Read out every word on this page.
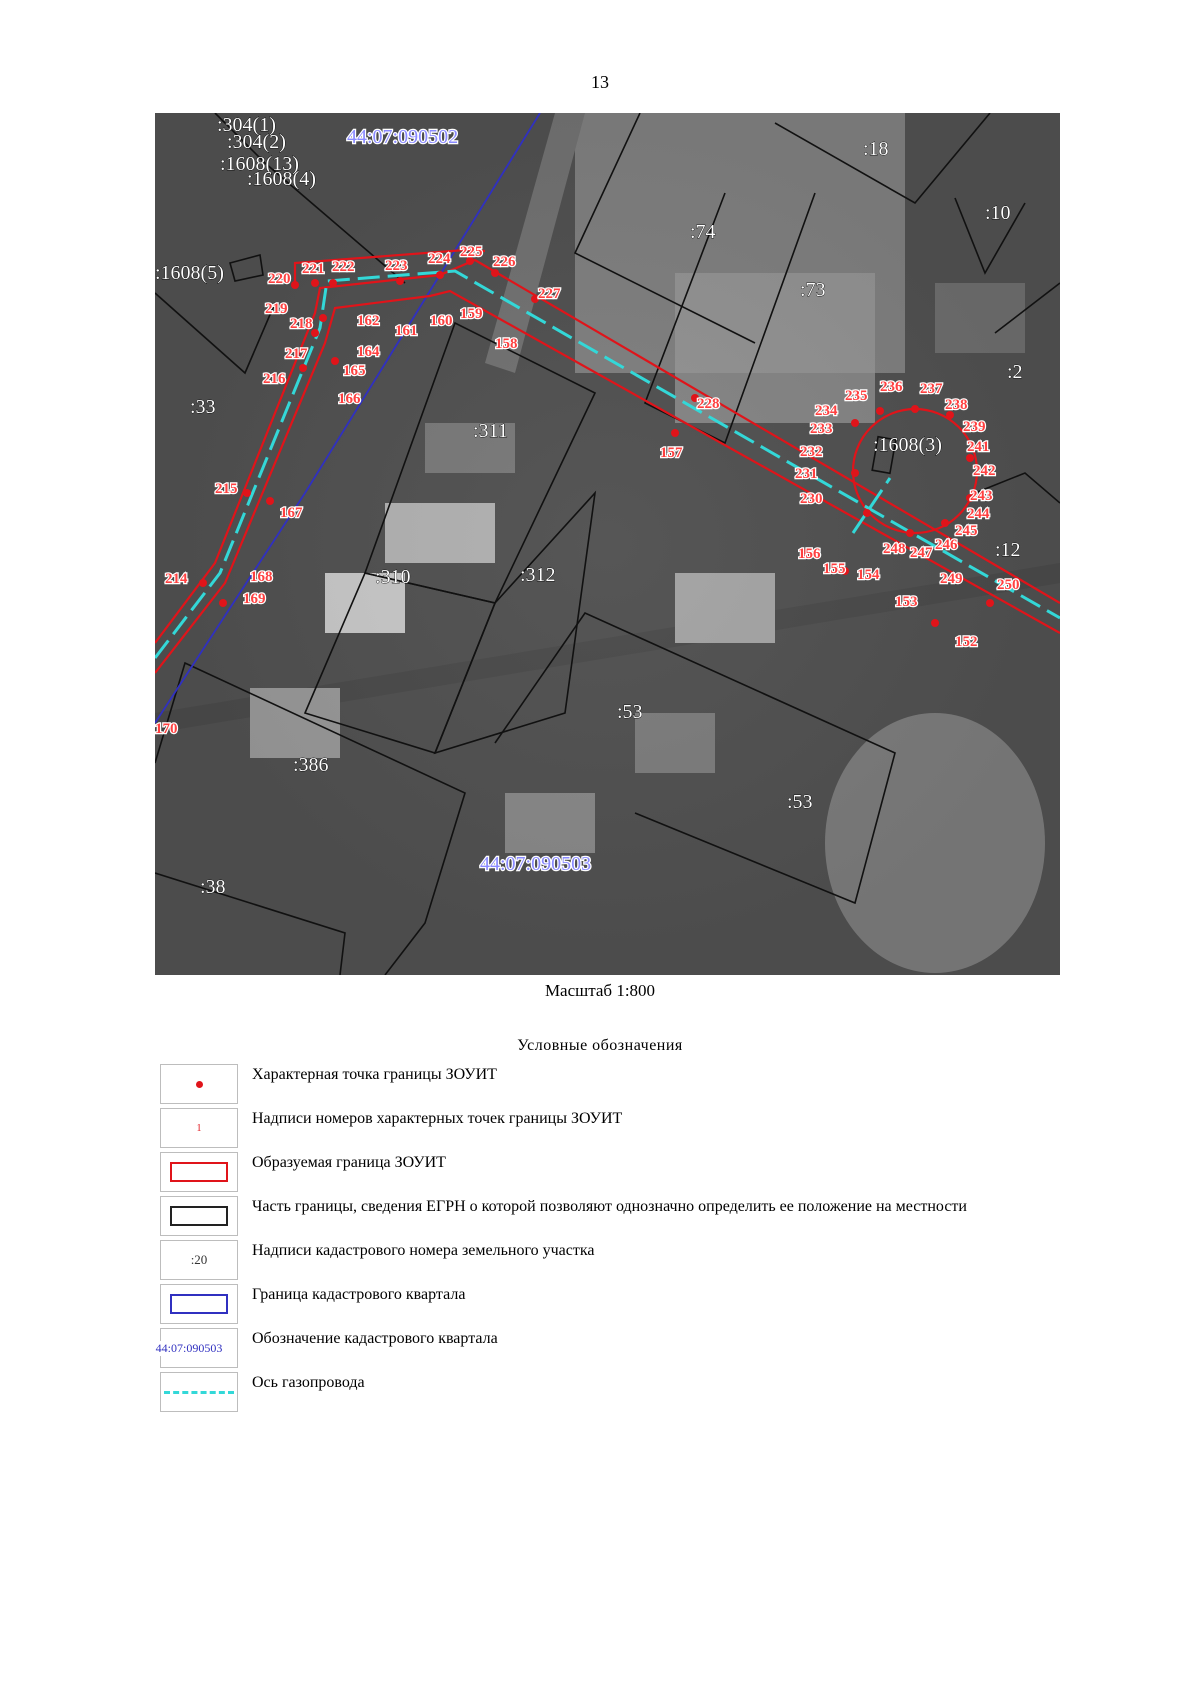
13
44:07:090502
44:07:090503
:304(1)
:304(2)
:1608(13)
:1608(4)
:1608(5)
:18
:74
:10
:73
:2
:33
:311
:1608(3)
:12
:310	:312
:53
:53
:386
:38
220
221 222 223 224 225
226
227
219
218	162
161
160 159
158
217	164
216	165
166	228
157
215
167
214	168
169
170
234
235
236 237
238
233	239
232	241
231	242
230	243
244
245
246
247
248
156
155 154	249 250
153
152
Масштаб 1:800
Условные обозначения
Характерная точка границы ЗОУИТ
1
Надписи номеров характерных точек границы ЗОУИТ
Образуемая граница ЗОУИТ
Часть границы, сведения ЕГРН о которой позволяют однозначно определить ее положение на местности
:20
Надписи кадастрового номера земельного участка
Граница кадастрового квартала
44:07:090503
Обозначение кадастрового квартала
Ось газопровода
